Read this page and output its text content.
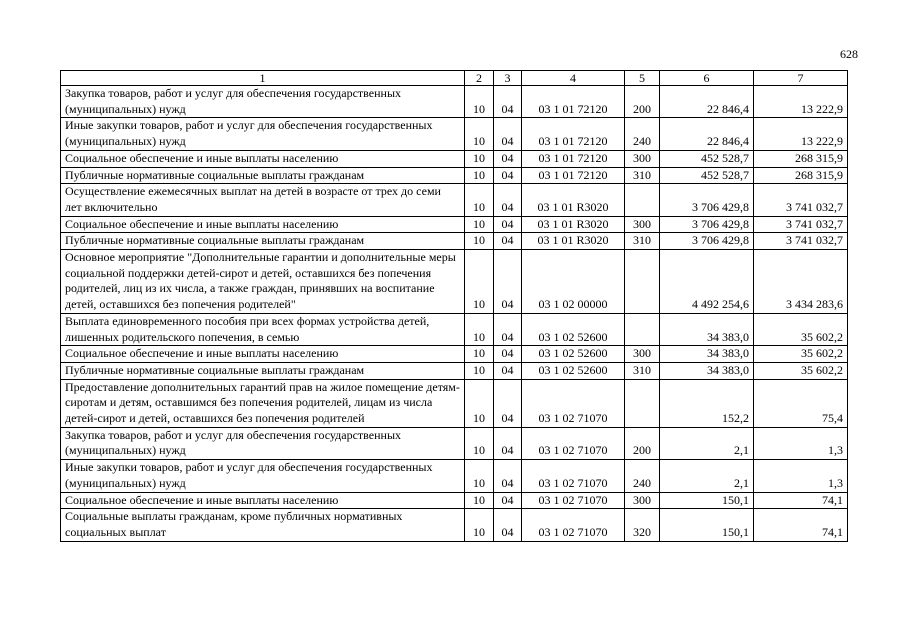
628
1	2	3	4	5	6	7
Закупка товаров, работ и услуг для обеспечения государственных (муниципальных) нужд	10	04	03 1 01 72120	200	22 846,4	13 222,9
Иные закупки товаров, работ и услуг для обеспечения государственных (муниципальных) нужд	10	04	03 1 01 72120	240	22 846,4	13 222,9
Социальное обеспечение и иные выплаты населению	10	04	03 1 01 72120	300	452 528,7	268 315,9
Публичные нормативные социальные выплаты гражданам	10	04	03 1 01 72120	310	452 528,7	268 315,9
Осуществление ежемесячных выплат на детей в возрасте от трех до семи лет включительно	10	04	03 1 01 R3020		3 706 429,8	3 741 032,7
Социальное обеспечение и иные выплаты населению	10	04	03 1 01 R3020	300	3 706 429,8	3 741 032,7
Публичные нормативные социальные выплаты гражданам	10	04	03 1 01 R3020	310	3 706 429,8	3 741 032,7
Основное мероприятие "Дополнительные гарантии и дополнительные меры социальной поддержки детей-сирот и детей, оставшихся без попечения родителей, лиц из их числа, а также граждан, принявших на воспитание детей, оставшихся без попечения родителей"	10	04	03 1 02 00000		4 492 254,6	3 434 283,6
Выплата единовременного пособия при всех формах устройства детей, лишенных родительского попечения, в семью	10	04	03 1 02 52600		34 383,0	35 602,2
Социальное обеспечение и иные выплаты населению	10	04	03 1 02 52600	300	34 383,0	35 602,2
Публичные нормативные социальные выплаты гражданам	10	04	03 1 02 52600	310	34 383,0	35 602,2
Предоставление дополнительных гарантий прав на жилое помещение детям-сиротам и детям, оставшимся без попечения родителей, лицам из числа детей-сирот и детей, оставшихся без попечения родителей	10	04	03 1 02 71070		152,2	75,4
Закупка товаров, работ и услуг для обеспечения государственных (муниципальных) нужд	10	04	03 1 02 71070	200	2,1	1,3
Иные закупки товаров, работ и услуг для обеспечения государственных (муниципальных) нужд	10	04	03 1 02 71070	240	2,1	1,3
Социальное обеспечение и иные выплаты населению	10	04	03 1 02 71070	300	150,1	74,1
Социальные выплаты гражданам, кроме публичных нормативных социальных выплат	10	04	03 1 02 71070	320	150,1	74,1
